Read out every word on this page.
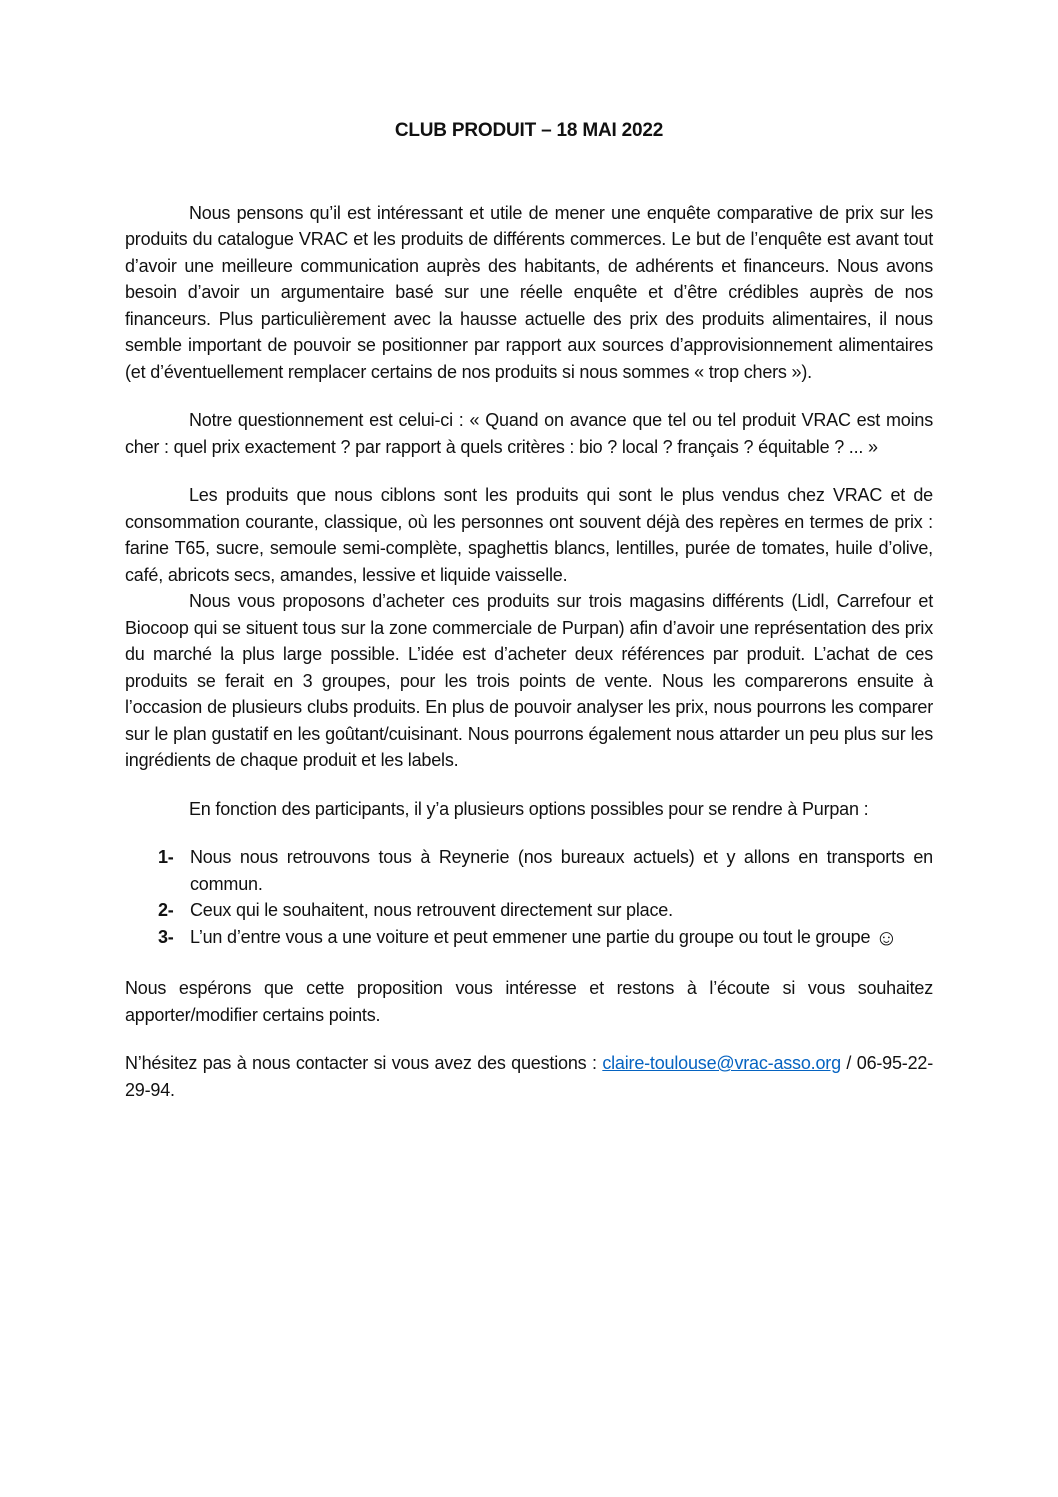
CLUB PRODUIT – 18 MAI 2022

Nous pensons qu’il est intéressant et utile de mener une enquête comparative de prix sur les produits du catalogue VRAC et les produits de différents commerces. Le but de l’enquête est avant tout d’avoir une meilleure communication auprès des habitants, de adhérents et financeurs. Nous avons besoin d’avoir un argumentaire basé sur une réelle enquête et d’être crédibles auprès de nos financeurs. Plus particulièrement avec la hausse actuelle des prix des produits alimentaires, il nous semble important de pouvoir se positionner par rapport aux sources d’approvisionnement alimentaires (et d’éventuellement remplacer certains de nos produits si nous sommes « trop chers »).

Notre questionnement est celui-ci : « Quand on avance que tel ou tel produit VRAC est moins cher : quel prix exactement ? par rapport à quels critères : bio ? local ? français ? équitable ? ... »

Les produits que nous ciblons sont les produits qui sont le plus vendus chez VRAC et de consommation courante, classique, où les personnes ont souvent déjà des repères en termes de prix : farine T65, sucre, semoule semi-complète, spaghettis blancs, lentilles, purée de tomates, huile d’olive, café, abricots secs, amandes, lessive et liquide vaisselle.

Nous vous proposons d’acheter ces produits sur trois magasins différents (Lidl, Carrefour et Biocoop qui se situent tous sur la zone commerciale de Purpan) afin d’avoir une représentation des prix du marché la plus large possible. L’idée est d’acheter deux références par produit. L’achat de ces produits se ferait en 3 groupes, pour les trois points de vente. Nous les comparerons ensuite à l’occasion de plusieurs clubs produits. En plus de pouvoir analyser les prix, nous pourrons les comparer sur le plan gustatif en les goûtant/cuisinant. Nous pourrons également nous attarder un peu plus sur les ingrédients de chaque produit et les labels.

En fonction des participants, il y’a plusieurs options possibles pour se rendre à Purpan :

1- Nous nous retrouvons tous à Reynerie (nos bureaux actuels) et y allons en transports en commun.
2- Ceux qui le souhaitent, nous retrouvent directement sur place.
3- L’un d’entre vous a une voiture et peut emmener une partie du groupe ou tout le groupe ☺

Nous espérons que cette proposition vous intéresse et restons à l’écoute si vous souhaitez apporter/modifier certains points.

N’hésitez pas à nous contacter si vous avez des questions : claire-toulouse@vrac-asso.org / 06-95-22-29-94.
